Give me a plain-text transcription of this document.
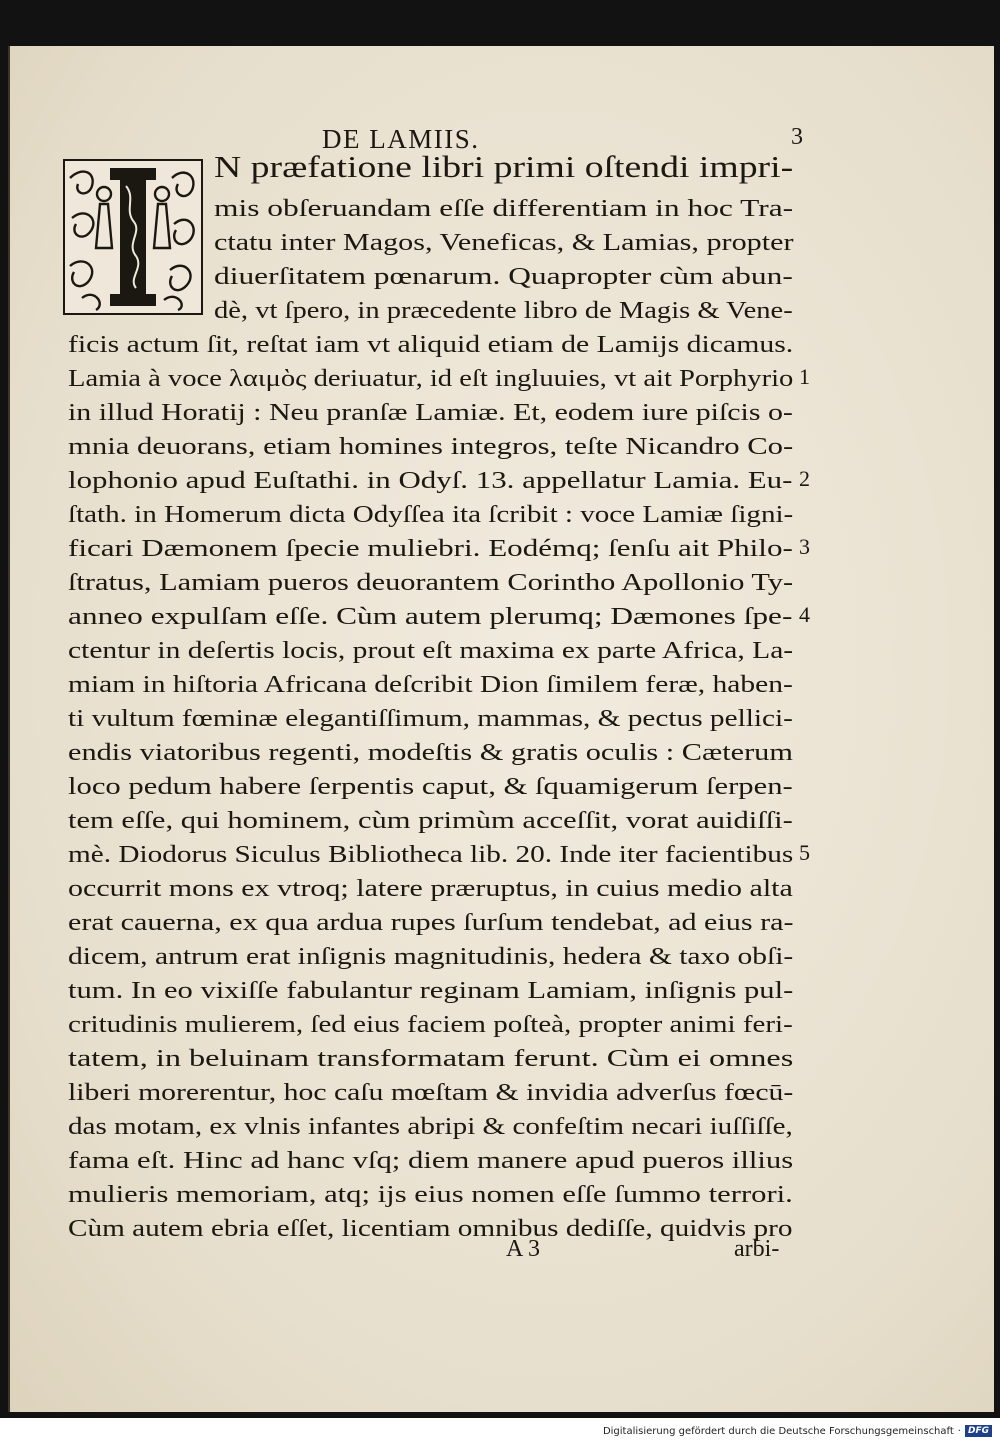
DE LAMIIS.	3
N præfatione libri primi oſtendi impri-
mis obſeruandam eſſe differentiam in hoc Tra-
ctatu inter Magos, Veneficas, & Lamias, propter
diuerſitatem pœnarum. Quapropter cùm abun-
dè, vt ſpero, in præcedente libro de Magis & Vene-
ficis actum ſit, reſtat iam vt aliquid etiam de Lamijs dicamus.
Lamia à voce λαιμὸς deriuatur, id eſt ingluuies, vt ait Porphyrio
in illud Horatij : Neu pranſæ Lamiæ. Et, eodem iure piſcis o-
mnia deuorans, etiam homines integros, teſte Nicandro Co-
lophonio apud Euſtathi. in Odyſ. 13. appellatur Lamia. Eu-
ſtath. in Homerum dicta Odyſſea ita ſcribit : voce Lamiæ ſigni-
ficari Dæmonem ſpecie muliebri. Eodémq; ſenſu ait Philo-
ſtratus, Lamiam pueros deuorantem Corintho Apollonio Ty-
anneo expulſam eſſe. Cùm autem plerumq; Dæmones ſpe-
ctentur in deſertis locis, prout eſt maxima ex parte Africa, La-
miam in hiſtoria Africana deſcribit Dion ſimilem feræ, haben-
ti vultum fœminæ elegantiſſimum, mammas, & pectus pellici-
endis viatoribus regenti, modeſtis & gratis oculis : Cæterum
loco pedum habere ſerpentis caput, & ſquamigerum ſerpen-
tem eſſe, qui hominem, cùm primùm acceſſit, vorat auidiſſi-
mè. Diodorus Siculus Bibliotheca lib. 20. Inde iter facientibus
occurrit mons ex vtroq; latere præruptus, in cuius medio alta
erat cauerna, ex qua ardua rupes ſurſum tendebat, ad eius ra-
dicem, antrum erat inſignis magnitudinis, hedera & taxo obſi-
tum. In eo vixiſſe fabulantur reginam Lamiam, inſignis pul-
critudinis mulierem, ſed eius faciem poſteà, propter animi feri-
tatem, in beluinam transformatam ferunt. Cùm ei omnes
liberi morerentur, hoc caſu mœſtam & invidia adverſus fœcū-
das motam, ex vlnis infantes abripi & confeſtim necari iuſſiſſe,
fama eſt. Hinc ad hanc vſq; diem manere apud pueros illius
mulieris memoriam, atq; ijs eius nomen eſſe ſummo terrori.
Cùm autem ebria eſſet, licentiam omnibus dediſſe, quidvis pro
1
2
3
4
5
A 3	arbi-
Digitalisierung gefördert durch die Deutsche Forschungsgemeinschaft · DFG
